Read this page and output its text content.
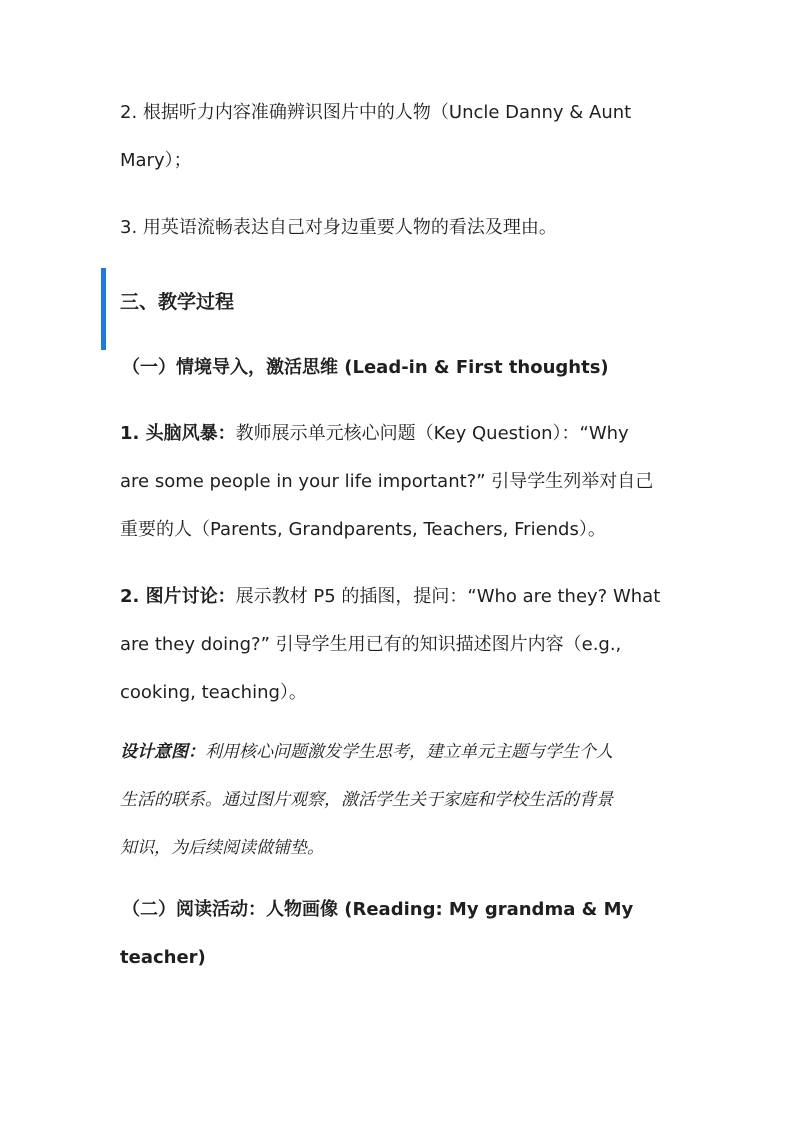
2. 根据听力内容准确辨识图片中的人物（Uncle Danny & Aunt
Mary）；
3. 用英语流畅表达自己对身边重要人物的看法及理由。
三、教学过程
（一）情境导入，激活思维 (Lead-in & First thoughts)
1. 头脑风暴：教师展示单元核心问题（Key Question）：“Why
are some people in your life important?” 引导学生列举对自己
重要的人（Parents, Grandparents, Teachers, Friends）。
2. 图片讨论：展示教材 P5 的插图，提问：“Who are they? What
are they doing?” 引导学生用已有的知识描述图片内容（e.g.,
cooking, teaching）。
设计意图：利用核心问题激发学生思考，建立单元主题与学生个人
生活的联系。通过图片观察，激活学生关于家庭和学校生活的背景
知识，为后续阅读做铺垫。
（二）阅读活动：人物画像 (Reading: My grandma & My
teacher)
